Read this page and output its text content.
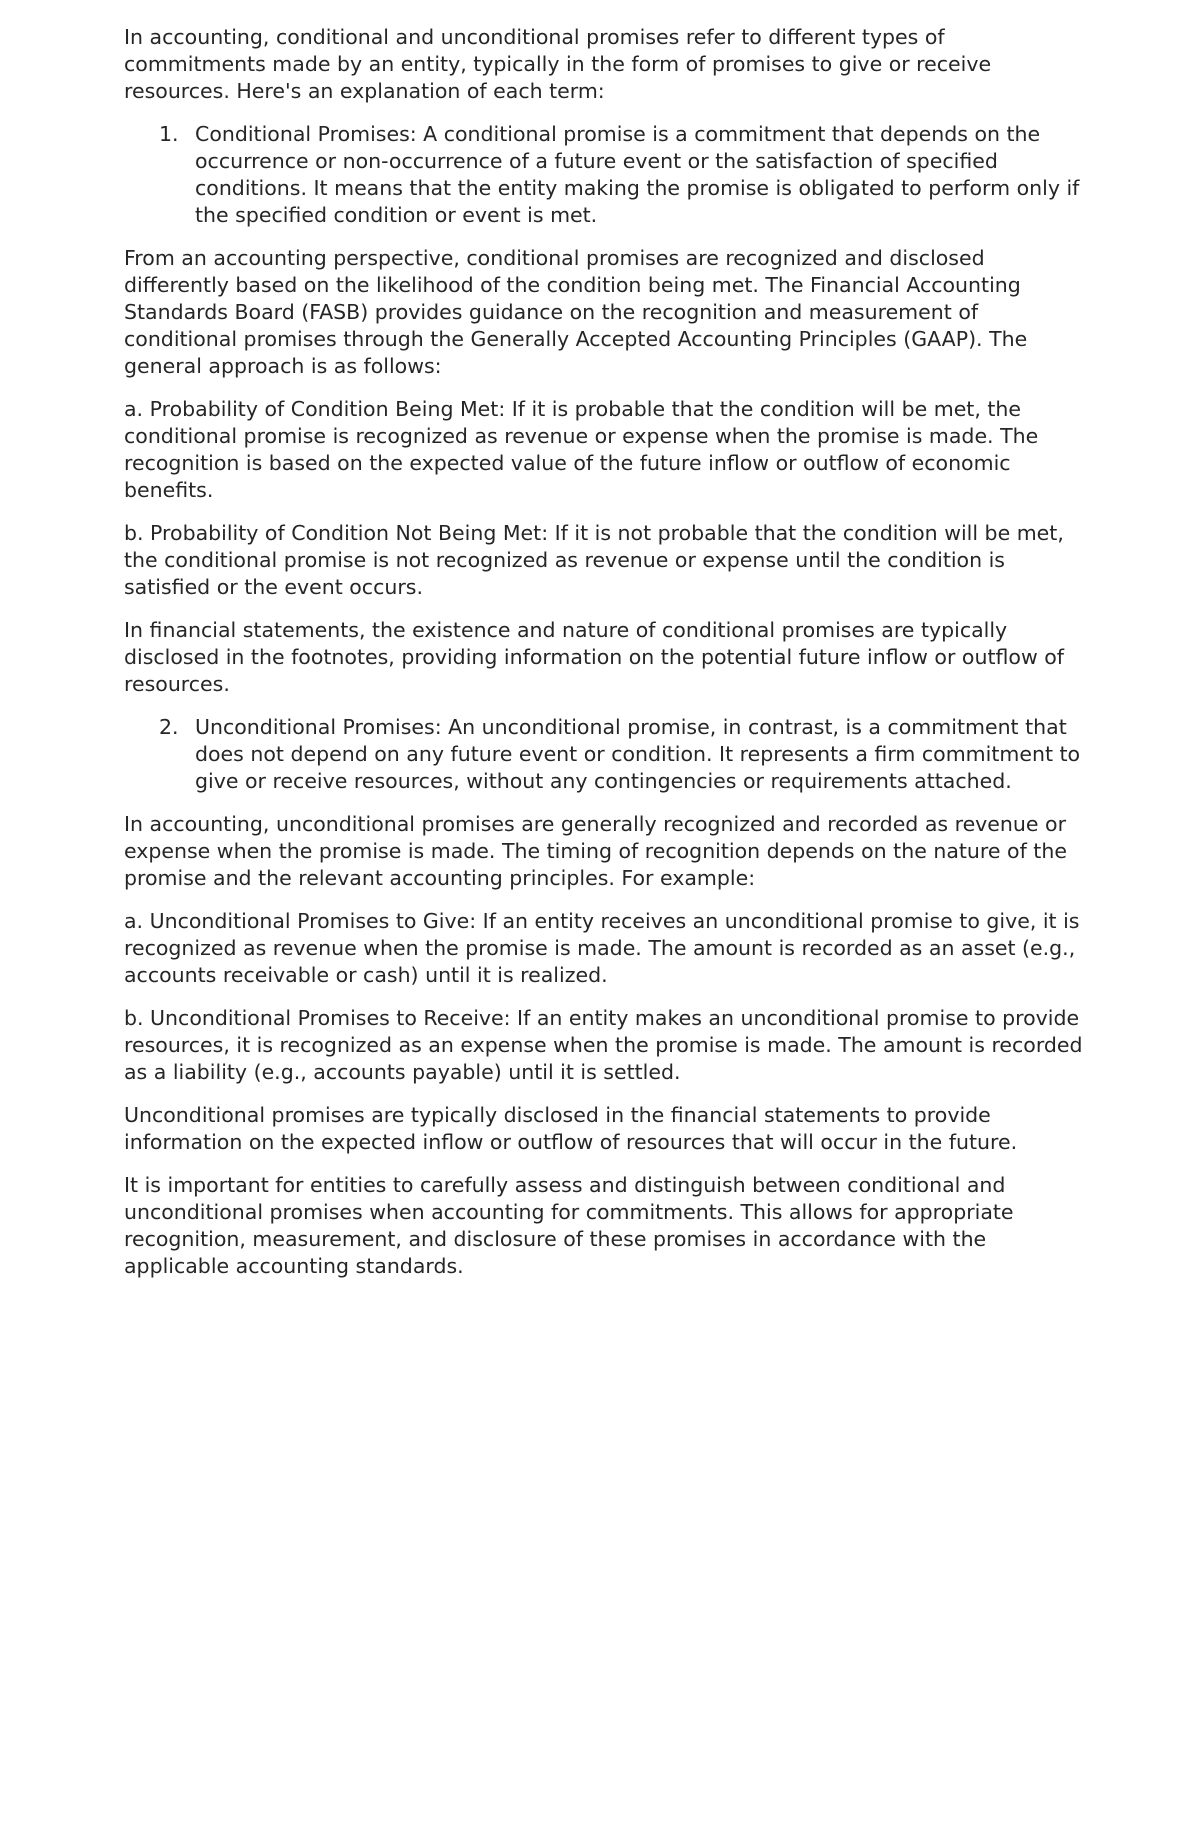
In accounting, conditional and unconditional promises refer to different types of commitments made by an entity, typically in the form of promises to give or receive resources. Here's an explanation of each term:

1. Conditional Promises: A conditional promise is a commitment that depends on the occurrence or non-occurrence of a future event or the satisfaction of specified conditions. It means that the entity making the promise is obligated to perform only if the specified condition or event is met.

From an accounting perspective, conditional promises are recognized and disclosed differently based on the likelihood of the condition being met. The Financial Accounting Standards Board (FASB) provides guidance on the recognition and measurement of conditional promises through the Generally Accepted Accounting Principles (GAAP). The general approach is as follows:

a. Probability of Condition Being Met: If it is probable that the condition will be met, the conditional promise is recognized as revenue or expense when the promise is made. The recognition is based on the expected value of the future inflow or outflow of economic benefits.

b. Probability of Condition Not Being Met: If it is not probable that the condition will be met, the conditional promise is not recognized as revenue or expense until the condition is satisfied or the event occurs.

In financial statements, the existence and nature of conditional promises are typically disclosed in the footnotes, providing information on the potential future inflow or outflow of resources.

2. Unconditional Promises: An unconditional promise, in contrast, is a commitment that does not depend on any future event or condition. It represents a firm commitment to give or receive resources, without any contingencies or requirements attached.

In accounting, unconditional promises are generally recognized and recorded as revenue or expense when the promise is made. The timing of recognition depends on the nature of the promise and the relevant accounting principles. For example:

a. Unconditional Promises to Give: If an entity receives an unconditional promise to give, it is recognized as revenue when the promise is made. The amount is recorded as an asset (e.g., accounts receivable or cash) until it is realized.

b. Unconditional Promises to Receive: If an entity makes an unconditional promise to provide resources, it is recognized as an expense when the promise is made. The amount is recorded as a liability (e.g., accounts payable) until it is settled.

Unconditional promises are typically disclosed in the financial statements to provide information on the expected inflow or outflow of resources that will occur in the future.

It is important for entities to carefully assess and distinguish between conditional and unconditional promises when accounting for commitments. This allows for appropriate recognition, measurement, and disclosure of these promises in accordance with the applicable accounting standards.
